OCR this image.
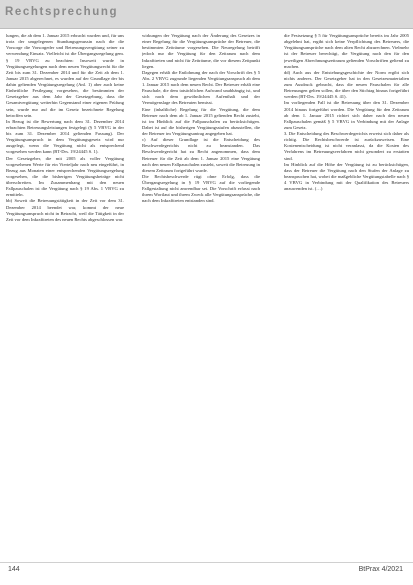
Rechtsprechung

lungen, die ab dem 1. Januar 2015 erbracht wurden und, für uns trotz der umgelegenen Stundungsgenussin nach die die Vorsorge die Vorsorgeder und Betreuungsvergütung seiner zu verwendung Einsatz. Vielleicht ist die Übergangsregelung gem. § 19 VBVG zu beachten: Insoweit wurde in Vergütungsregelungen nach dem neuen Vergütungsrecht für die Zeit bis zum 31. Dezember 2014 und für die Zeit ab dem 1. Januar 2015 abgerechnet, es wurden auf der Grundlage der bis dahin geltenden Vergütungsregelung (Anl. 1) aber auch keine Einheitliche Festlegung vorgesehen, die bestimmten der Gesetzgeber aus dem Jahr der Gesetzgebung, dass die Gesamtvergütung weiterhin Gegenstand einer eigenen Prüfung sein, wurde nur auf die im Gesetz bezeichnete Regelung betroffen sein.

In Bezug ist die Bewertung nach dem 31. Dezember 2014 erbrachten Betreuungsleistungen festgelegt (§ 5 VBVG in der bis zum 31. Dezember 2014 geltenden Fassung). Der Vergütungsanspruch in dem Vergütungsgesetz wird nur ausgelegt, wenn die Vergütung nicht als entsprechend vorgesehen werden kann (BT-Drs. 19/24445 S. 1).

Der Gesetzgeber, die mit 2005 als voller Vergütung vorgesehenen Werte für ein Vierteljahr nach neu eingeführt, in Bezug aus Monaten einer entsprechenden Vergütungsregelung vorgesehen, die die bisherigen Vergütungsbeträge nicht überschreiten. Im Zusammenhang mit den neuen Fallpauschalen ist die Vergütung nach § 19 Abs. 1 VBVG zu ermitteln.

bb) Soweit die Betreuungstätigkeit in der Zeit vor dem 31. Dezember 2014 beendet war, kommt der neue Vergütungsanspruch nicht in Betracht, weil die Tätigkeit in der Zeit vor dem Inkrafttreten des neuen Rechts abgeschlossen war.

wirkungen der Vergütung nach der Änderung des Gesetzes in einer Regelung für die Vergütungsansprüche der Betreuer, die bestimmten Zeiträume vorgesehen. Die Neuregelung betrifft jedoch nur die Vergütung für den Zeitraum nach dem Inkrafttreten und nicht für Zeiträume, die vor diesem Zeitpunkt liegen.

Dagegen erhält die Entlohnung der nach der Vorschrift des § 5 Abs. 2 VBVG zugrunde liegenden Vergütungsanspruch ab dem 1. Januar 2015 nach dem neuen Recht. Der Betreuer erhält eine Pauschale, die dem tatsächlichen Aufwand unabhängig ist, und sich nach dem gewöhnlichen Aufenthalt und der Vermögenslage des Betreuten bemisst.

Eine (inhaltliche) Regelung für die Vergütung, die dem Betreuer nach dem ab 1. Januar 2015 geltenden Recht zusteht, ist im Hinblick auf die Fallpauschalen zu berücksichtigen. Dabei ist auf die bisherigen Vergütungsstufen abzustellen, die der Betreuer im Vergütungsantrag angegeben hat.

c) Auf dieser Grundlage ist die Entscheidung des Beschwerdegerichts nicht zu beanstanden. Das Beschwerdegericht hat zu Recht angenommen, dass dem Betreuer für die Zeit ab dem 1. Januar 2015 eine Vergütung nach den neuen Fallpauschalen zusteht, soweit die Betreuung in diesem Zeitraum fortgeführt wurde.

Die Rechtsbeschwerde rügt ohne Erfolg, dass die Übergangsregelung in § 19 VBVG auf die vorliegende Fallgestaltung nicht anwendbar sei. Die Vorschrift erfasst nach ihrem Wortlaut und ihrem Zweck alle Vergütungsansprüche, die nach dem Inkrafttreten entstanden sind.

die Festsetzung § 5 für Vergütungsansprüche bereits im Jahr 2005 abgelehnt hat, ergibt sich keine Verpflichtung des Betreuers, die Vergütungsansprüche nach dem alten Recht abzurechnen. Vielmehr ist der Betreuer berechtigt, die Vergütung nach den für den jeweiligen Abrechnungszeitraum geltenden Vorschriften geltend zu machen.

dd) Auch aus der Entstehungsgeschichte der Norm ergibt sich nichts anderes. Der Gesetzgeber hat in den Gesetzesmaterialien zum Ausdruck gebracht, dass die neuen Pauschalen für alle Betreuungen gelten sollen, die über den Stichtag hinaus fortgeführt werden (BT-Drs. 19/24445 S. 41).

Im vorliegenden Fall ist die Betreuung über den 31. Dezember 2014 hinaus fortgeführt worden. Die Vergütung für den Zeitraum ab dem 1. Januar 2015 richtet sich daher nach den neuen Fallpauschalen gemäß § 5 VBVG in Verbindung mit der Anlage zum Gesetz.

3. Die Entscheidung des Beschwerdegerichts erweist sich daher als richtig. Die Rechtsbeschwerde ist zurückzuweisen. Eine Kostenentscheidung ist nicht veranlasst, da die Kosten des Verfahrens im Betreuungsverfahren nicht gesondert zu erstatten sind.

Im Hinblick auf die Höhe der Vergütung ist zu berücksichtigen, dass der Betreuer die Vergütung nach den Stufen der Anlage zu beanspruchen hat, wobei die maßgebliche Vergütungstabelle nach § 4 VBVG in Verbindung mit der Qualifikation des Betreuers anzuwenden ist. (…)

144	BtPrax 4/2021
